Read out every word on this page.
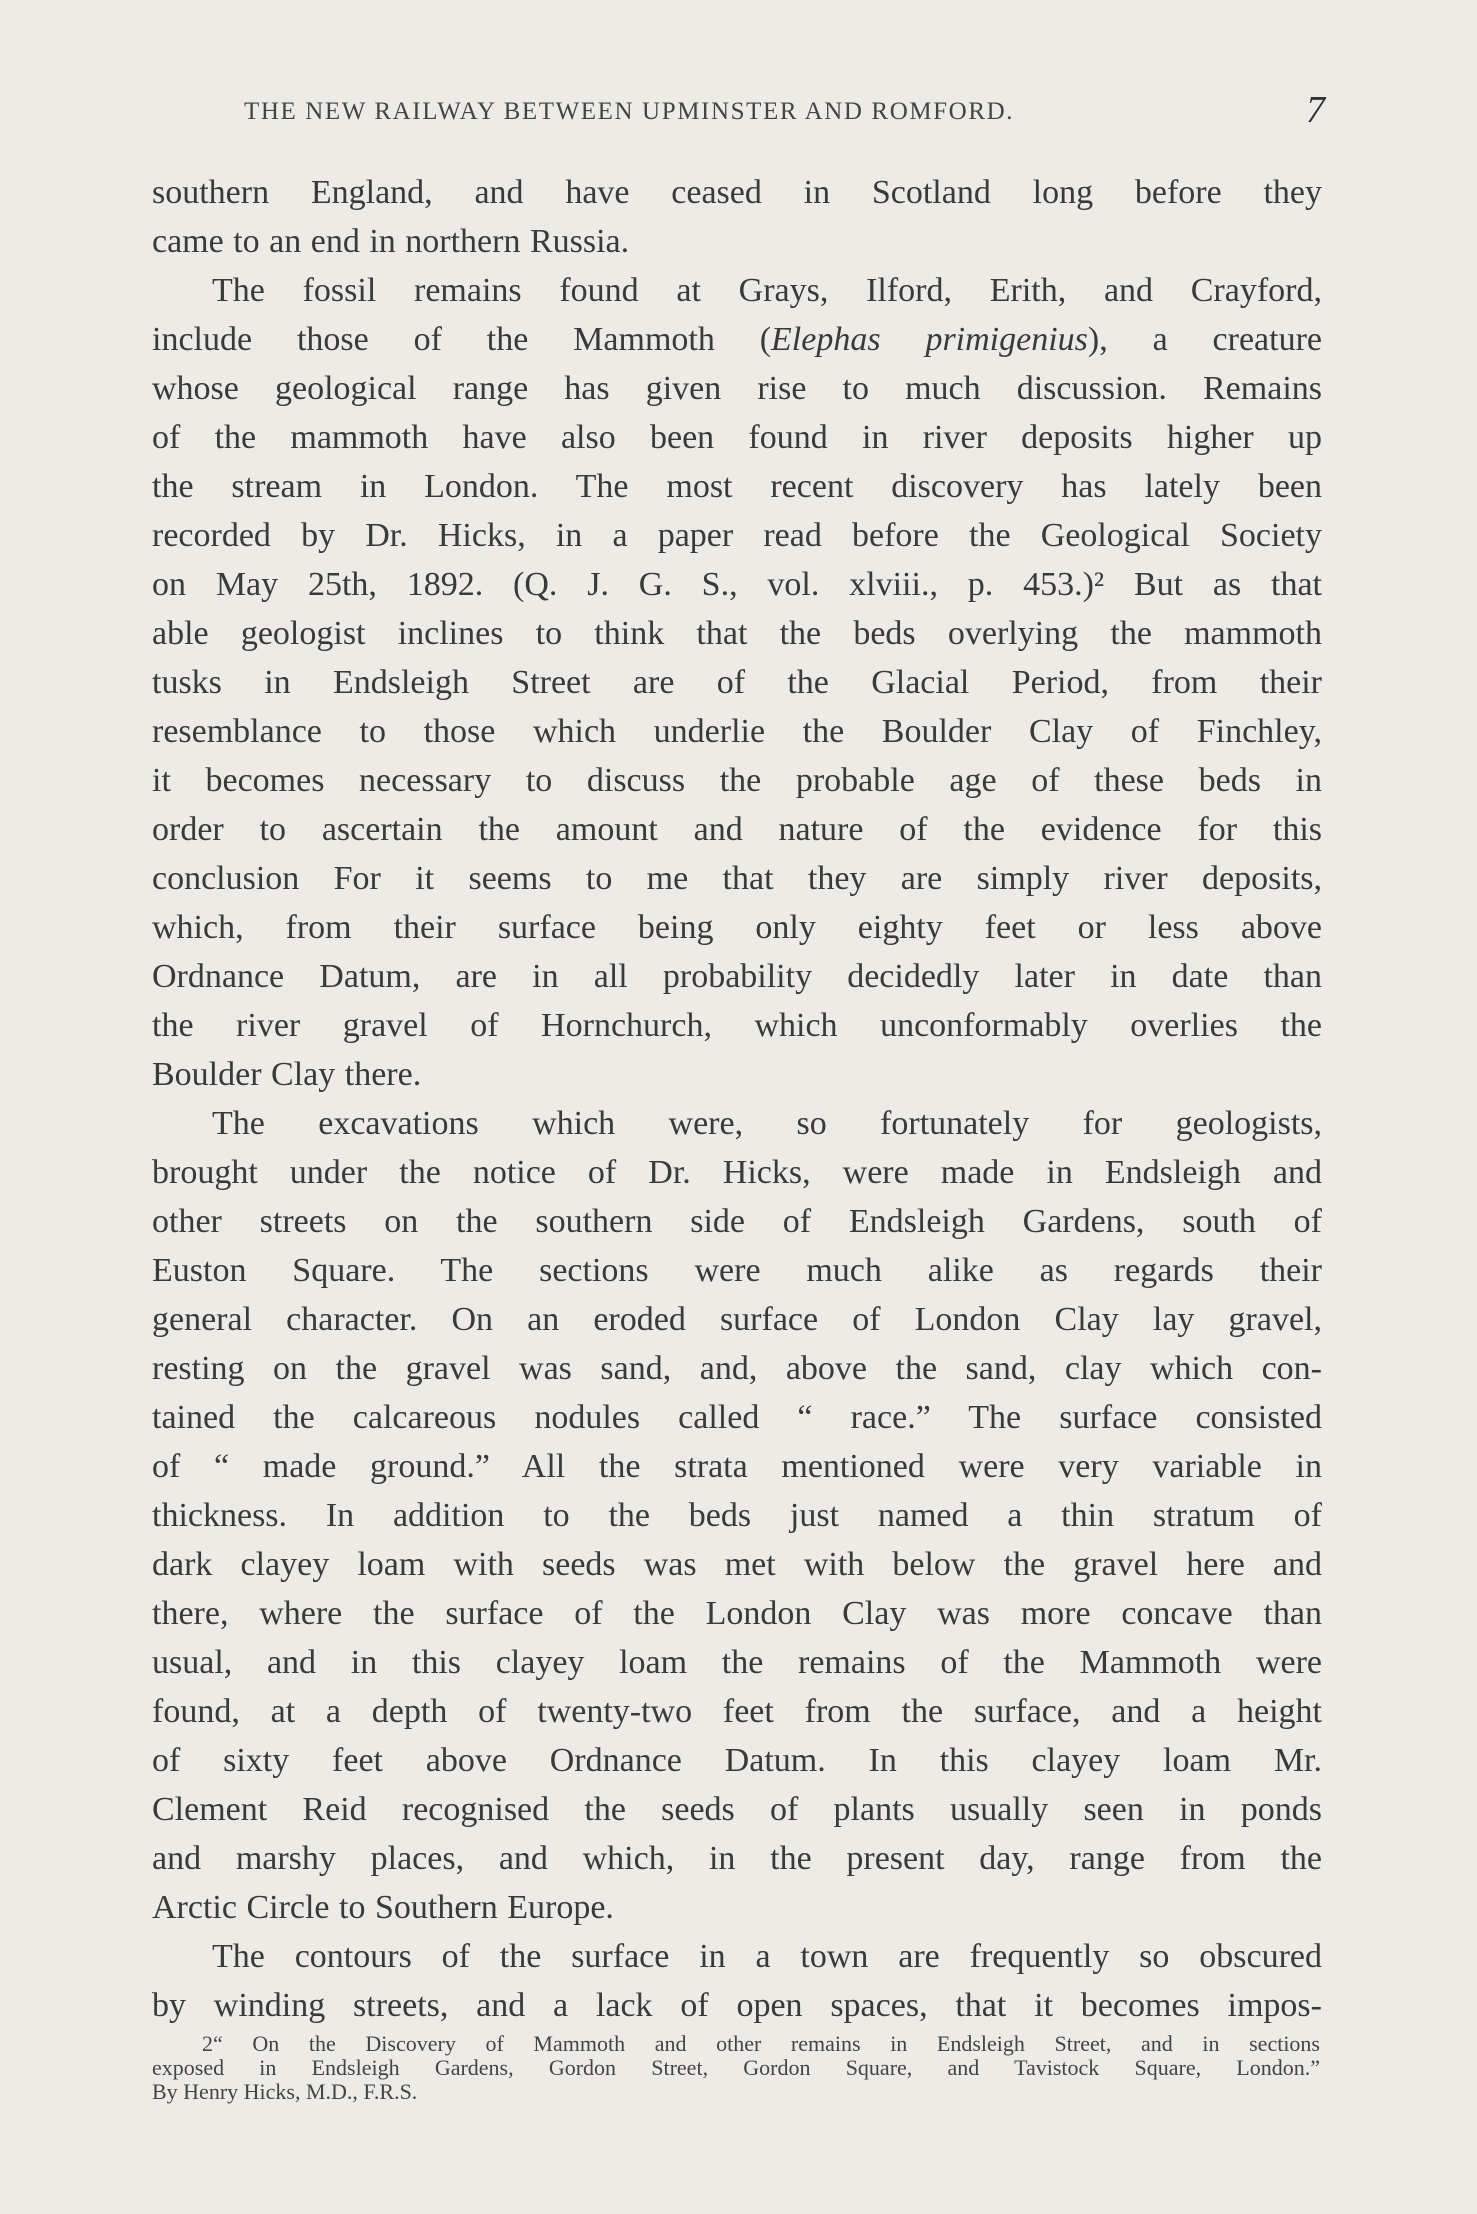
THE NEW RAILWAY BETWEEN UPMINSTER AND ROMFORD.	7
southern England, and have ceased in Scotland long before they
came to an end in northern Russia.
The fossil remains found at Grays, Ilford, Erith, and Crayford,
include those of the Mammoth (Elephas primigenius), a creature
whose geological range has given rise to much discussion. Remains
of the mammoth have also been found in river deposits higher up
the stream in London. The most recent discovery has lately been
recorded by Dr. Hicks, in a paper read before the Geological Society
on May 25th, 1892. (Q. J. G. S., vol. xlviii., p. 453.)² But as that
able geologist inclines to think that the beds overlying the mammoth
tusks in Endsleigh Street are of the Glacial Period, from their
resemblance to those which underlie the Boulder Clay of Finchley,
it becomes necessary to discuss the probable age of these beds in
order to ascertain the amount and nature of the evidence for this
conclusion For it seems to me that they are simply river deposits,
which, from their surface being only eighty feet or less above
Ordnance Datum, are in all probability decidedly later in date than
the river gravel of Hornchurch, which unconformably overlies the
Boulder Clay there.
The excavations which were, so fortunately for geologists,
brought under the notice of Dr. Hicks, were made in Endsleigh and
other streets on the southern side of Endsleigh Gardens, south of
Euston Square. The sections were much alike as regards their
general character. On an eroded surface of London Clay lay gravel,
resting on the gravel was sand, and, above the sand, clay which con-
tained the calcareous nodules called “ race.” The surface consisted
of “ made ground.” All the strata mentioned were very variable in
thickness. In addition to the beds just named a thin stratum of
dark clayey loam with seeds was met with below the gravel here and
there, where the surface of the London Clay was more concave than
usual, and in this clayey loam the remains of the Mammoth were
found, at a depth of twenty-two feet from the surface, and a height
of sixty feet above Ordnance Datum. In this clayey loam Mr.
Clement Reid recognised the seeds of plants usually seen in ponds
and marshy places, and which, in the present day, range from the
Arctic Circle to Southern Europe.
The contours of the surface in a town are frequently so obscured
by winding streets, and a lack of open spaces, that it becomes impos-
2“ On the Discovery of Mammoth and other remains in Endsleigh Street, and in sections
exposed in Endsleigh Gardens, Gordon Street, Gordon Square, and Tavistock Square, London.”
By Henry Hicks, M.D., F.R.S.
